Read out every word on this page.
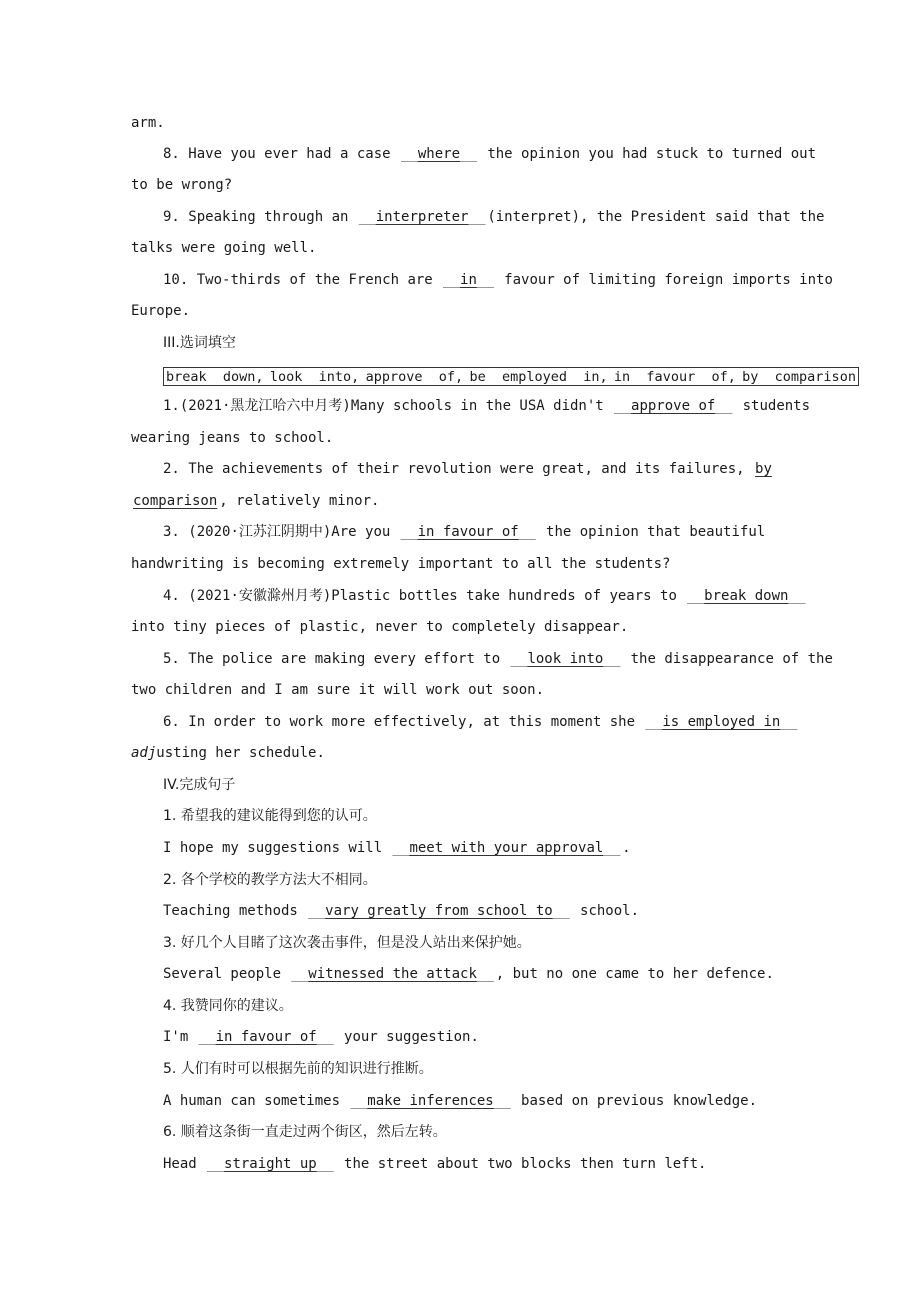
arm.
8. Have you ever had a case where the opinion you had stuck to turned out
to be wrong?
9. Speaking through an interpreter (interpret), the President said that the
talks were going well.
10. Two-thirds of the French are in favour of limiting foreign imports into
Europe.
III.选词填空
break  down, look  into, approve  of, be  employed  in, in  favour  of, by  comparison
1.(2021·黑龙江哈六中月考)Many schools in the USA didn't approve of students
wearing jeans to school.
2. The achievements of their revolution were great, and its failures, by
comparison , relatively minor.
3. (2020·江苏江阴期中)Are you in favour of the opinion that beautiful
handwriting is becoming extremely important to all the students?
4. (2021·安徽滁州月考)Plastic bottles take hundreds of years to break down
into tiny pieces of plastic, never to completely disappear.
5. The police are making every effort to look into the disappearance of the
two children and I am sure it will work out soon.
6. In order to work more effectively, at this moment she is employed in
adjusting her schedule.
IV.完成句子
1. 希望我的建议能得到您的认可。
I hope my suggestions will meet with your approval .
2. 各个学校的教学方法大不相同。
Teaching methods vary greatly from school to school.
3. 好几个人目睹了这次袭击事件，但是没人站出来保护她。
Several people witnessed the attack , but no one came to her defence.
4. 我赞同你的建议。
I'm in favour of your suggestion.
5. 人们有时可以根据先前的知识进行推断。
A human can sometimes make inferences based on previous knowledge.
6. 顺着这条街一直走过两个街区，然后左转。
Head straight up the street about two blocks then turn left.
